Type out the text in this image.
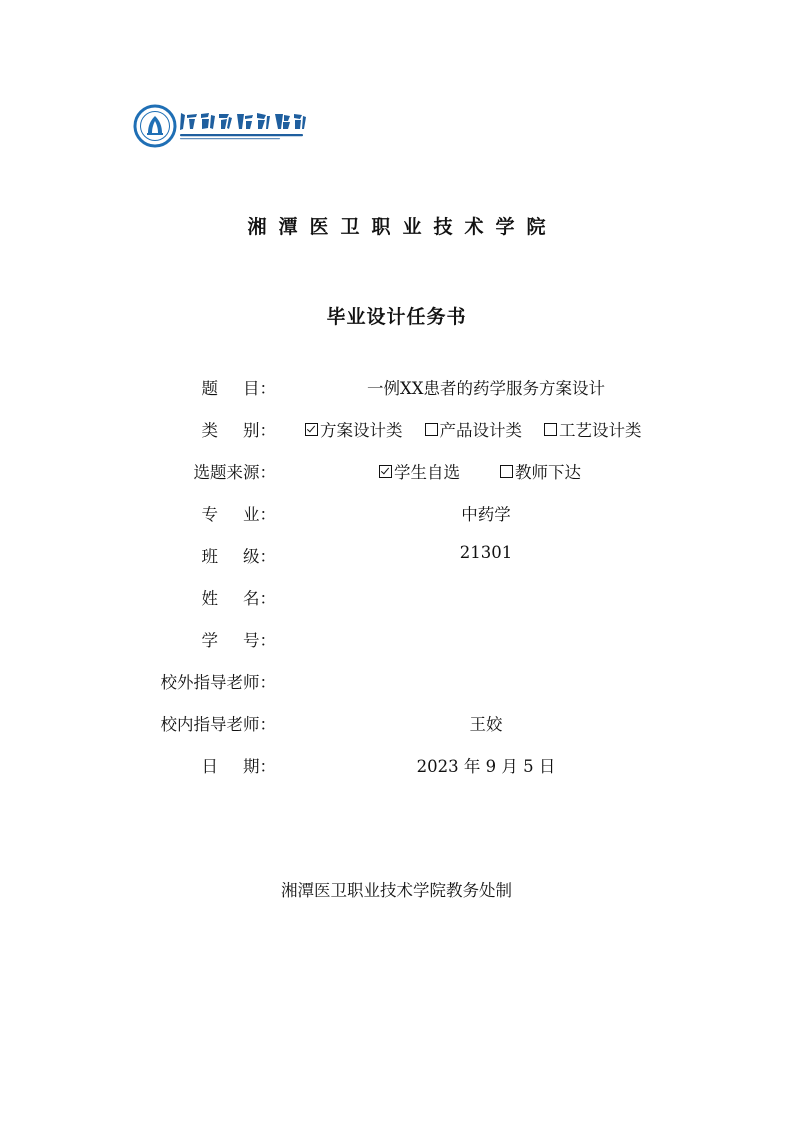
湘潭医卫职业技术学院
毕业设计任务书
题 目 ：	一例XX患者的药学服务方案设计
类 别 ：	方案设计类 产品设计类 工艺设计类
选题来源 ：	学生自选	教师下达
专 业 ：	中药学
班 级 ：	21301
姓 名 ：
学 号 ：
校外指导老师 ：
校内指导老师 ：	王姣
日 期 ：	2023 年 9 月 5 日
湘潭医卫职业技术学院教务处制
